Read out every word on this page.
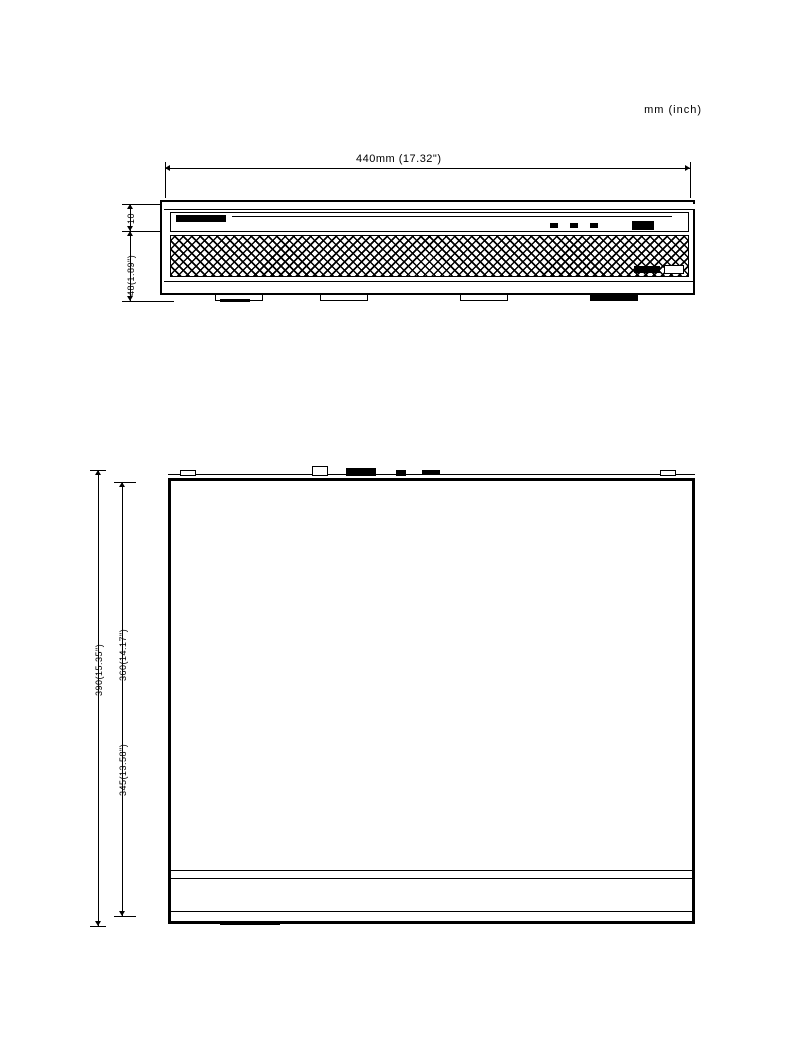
mm (inch)
440mm (17.32")
10
48(1.89")
390(15.35") 360(14.17")
345(13.58")
